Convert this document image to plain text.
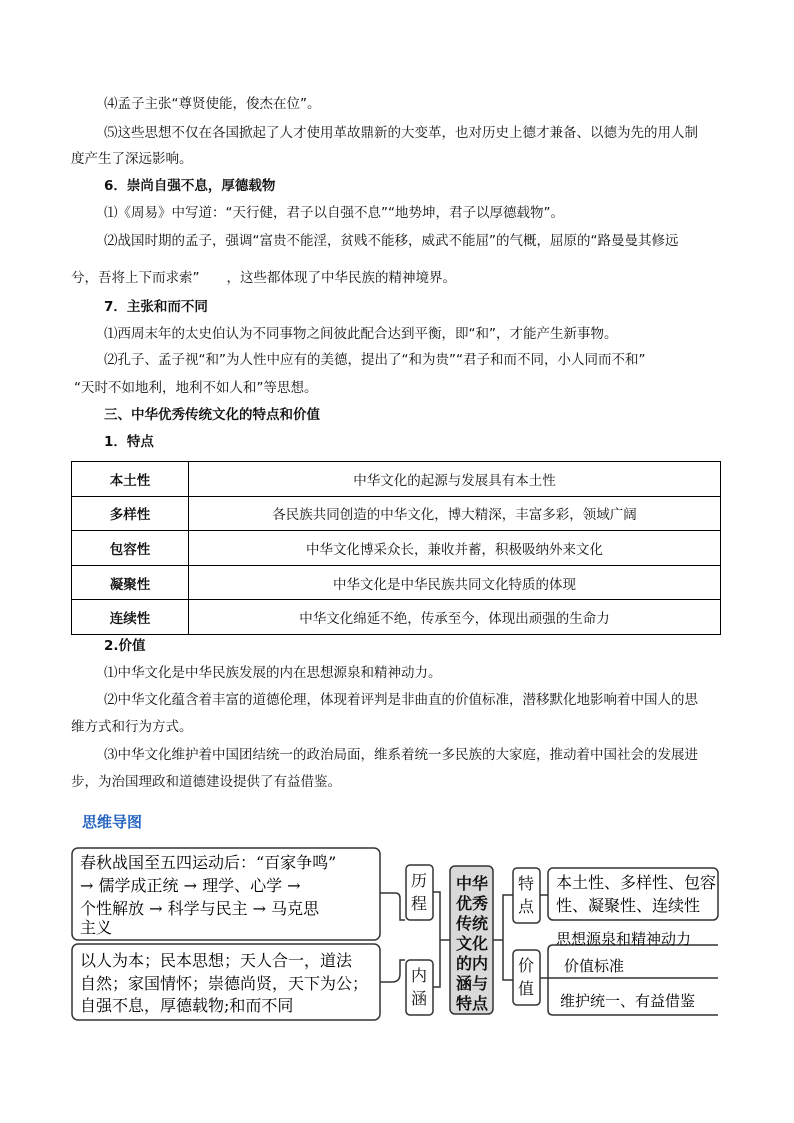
⑷孟子主张“尊贤使能，俊杰在位”。
⑸这些思想不仅在各国掀起了人才使用革故鼎新的大变革，也对历史上德才兼备、以德为先的用人制
度产生了深远影响。
6．崇尚自强不息，厚德载物
⑴《周易》中写道：“天行健，君子以自强不息”“地势坤，君子以厚德载物”。
⑵战国时期的孟子，强调“富贵不能淫，贫贱不能移，威武不能屈”的气概，屈原的“路曼曼其修远
兮，吾将上下而求索”　　，这些都体现了中华民族的精神境界。
7．主张和而不同
⑴西周末年的太史伯认为不同事物之间彼此配合达到平衡，即“和”，才能产生新事物。
⑵孔子、孟子视“和”为人性中应有的美德，提出了“和为贵”“君子和而不同，小人同而不和”
“天时不如地利，地利不如人和”等思想。
三、中华优秀传统文化的特点和价值
1．特点
本土性	中华文化的起源与发展具有本土性
多样性	各民族共同创造的中华文化，博大精深，丰富多彩，领域广阔
包容性	中华文化博采众长，兼收并蓄，积极吸纳外来文化
凝聚性	中华文化是中华民族共同文化特质的体现
连续性	中华文化绵延不绝，传承至今，体现出顽强的生命力
2.价值
⑴中华文化是中华民族发展的内在思想源泉和精神动力。
⑵中华文化蕴含着丰富的道德伦理，体现着评判是非曲直的价值标准，潜移默化地影响着中国人的思
维方式和行为方式。
⑶中华文化维护着中国团结统一的政治局面，维系着统一多民族的大家庭，推动着中国社会的发展进
步，为治国理政和道德建设提供了有益借鉴。
思维导图
春秋战国至五四运动后：“百家争鸣”
→ 儒学成正统 → 理学、心学 →
个性解放 → 科学与民主 → 马克思
主义
以人为本；民本思想；天人合一，道法
自然；家国情怀；崇德尚贤，天下为公；
自强不息，厚德载物;和而不同
历
程
内
涵
中华
优秀
传统
文化
的内
涵与
特点
特
点
价
值
本土性、多样性、包容
性、凝聚性、连续性
思想源泉和精神动力
价值标准
维护统一、有益借鉴
